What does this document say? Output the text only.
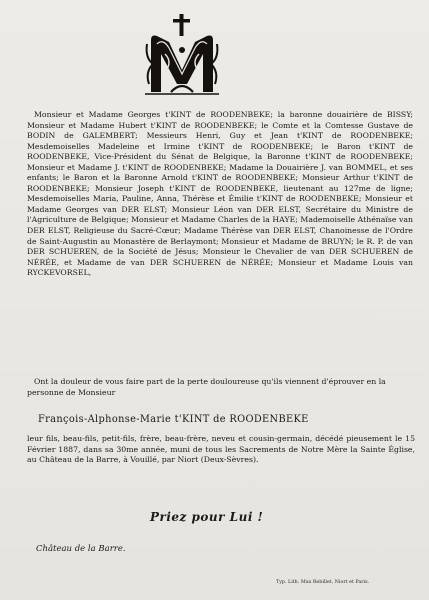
Monsieur et Madame Georges t'KINT de ROODENBEKE; la baronne douairière de BISSY; Monsieur et Madame Hubert t'KINT de ROODENBEKE; le Comte et la Comtesse Gustave de BODIN de GALEMBERT; Messieurs Henri, Guy et Jean t'KINT de ROODENBEKE; Mesdemoiselles Madeleine et Irmine t'KINT de ROODENBEKE; le Baron t'KINT de ROODENBEKE, Vice-Président du Sénat de Belgique, la Baronne t'KINT de ROODENBEKE; Monsieur et Madame J. t'KINT de ROODENBEKE; Madame la Douairière J. van BOMMEL, et ses enfants; le Baron et la Baronne Arnold t'KINT de ROODENBEKE; Monsieur Arthur t'KINT de ROODENBEKE; Monsieur Joseph t'KINT de ROODENBEKE, lieutenant au 127me de ligne; Mesdemoiselles Maria, Pauline, Anna, Thérèse et Émilie t'KINT de ROODENBEKE; Monsieur et Madame Georges van DER ELST; Monsieur Léon van DER ELST, Secrétaire du Ministre de l'Agriculture de Belgique; Monsieur et Madame Charles de la HAYE; Mademoiselle Athénaïse van DER ELST, Religieuse du Sacré-Cœur; Madame Thérèse van DER ELST, Chanoinesse de l'Ordre de Saint-Augustin au Monastère de Berlaymont; Monsieur et Madame de BRUYN; le R. P. de van DER SCHUEREN, de la Société de Jésus; Monsieur le Chevalier de van DER SCHUEREN de NÉRÉE, et Madame de van DER SCHUEREN de NÉRÉE; Monsieur et Madame Louis van RYCKEVORSEL,
Ont la douleur de vous faire part de la perte douloureuse qu'ils viennent d'éprouver en la personne de Monsieur
François-Alphonse-Marie t'KINT de ROODENBEKE
leur fils, beau-fils, petit-fils, frère, beau-frère, neveu et cousin-germain, décédé pieusement le 15 Février 1887, dans sa 30me année, muni de tous les Sacrements de Notre Mère la Sainte Église, au Château de la Barre, à Vouillé, par Niort (Deux-Sèvres).
Priez pour Lui !
Château de la Barre.
Typ. Lith. Max Rebillet, Niort et Paris.
